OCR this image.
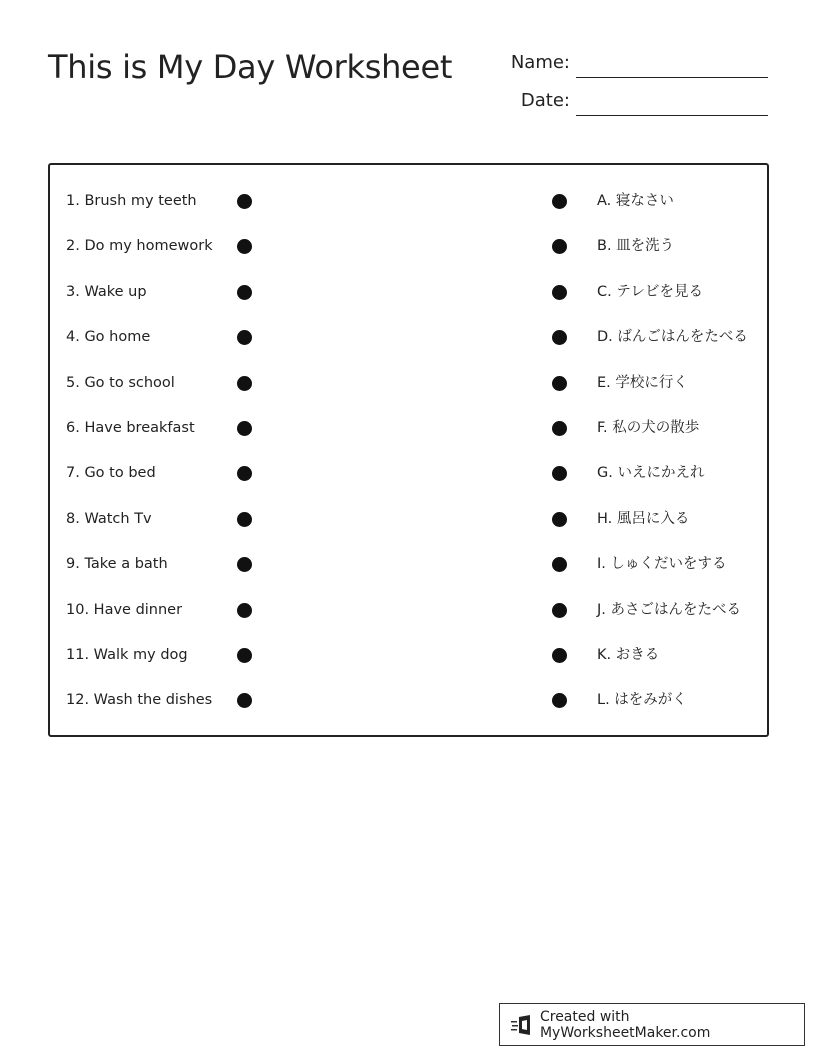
This is My Day Worksheet	Name:
Date:
1. Brush my teeth	A. 寝なさい
2. Do my homework	B. 皿を洗う
3. Wake up	C. テレビを見る
4. Go home	D. ばんごはんをたべる
5. Go to school	E. 学校に行く
6. Have breakfast	F. 私の犬の散歩
7. Go to bed	G. いえにかえれ
8. Watch Tv	H. 風呂に入る
9. Take a bath	I. しゅくだいをする
10. Have dinner	J. あさごはんをたべる
11. Walk my dog	K. おきる
12. Wash the dishes	L. はをみがく
Created with MyWorksheetMaker.com
